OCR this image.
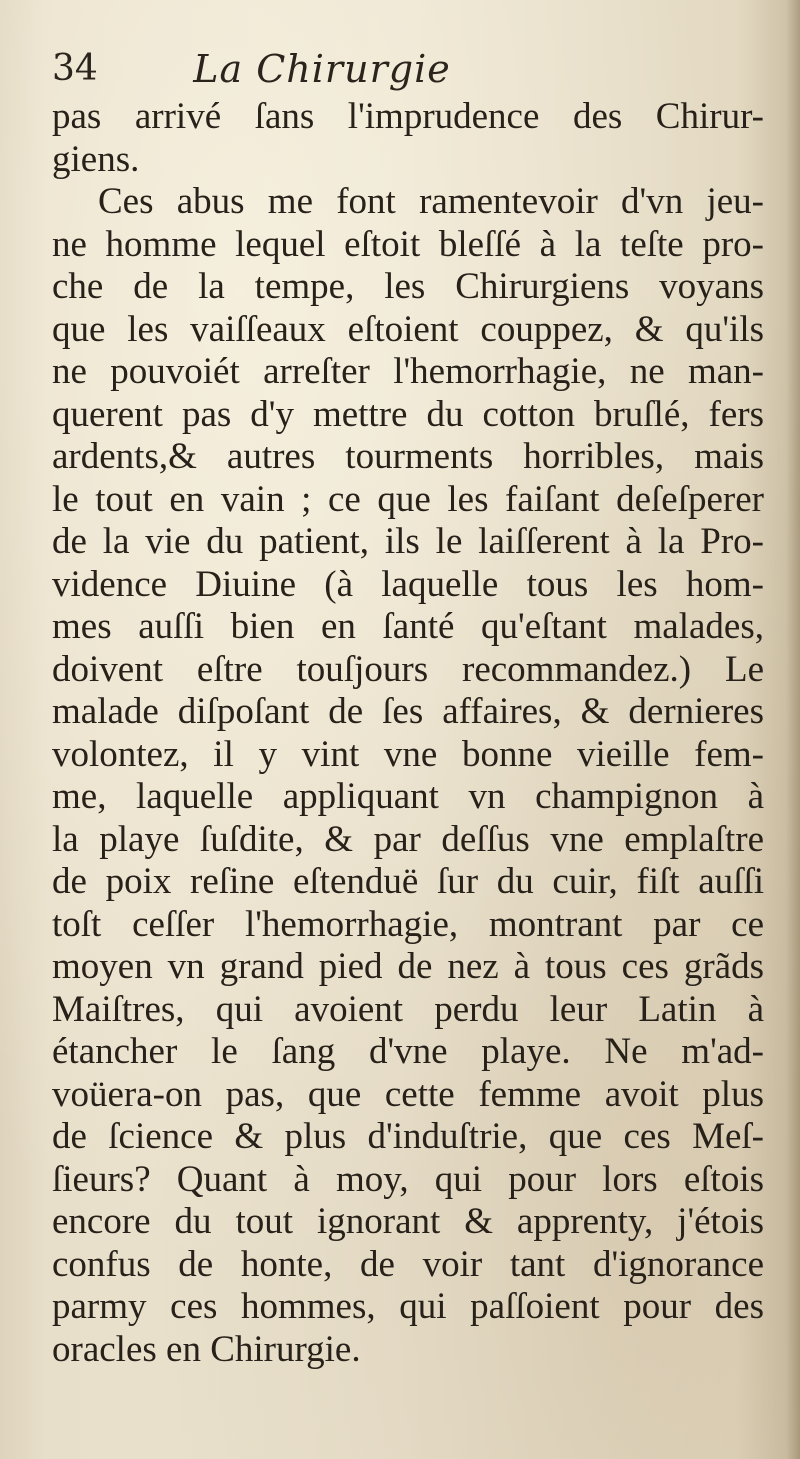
34	La Chirurgie
pas arrivé ſans l'imprudence des Chirur-
giens.
Ces abus me font ramentevoir d'vn jeu-
ne homme lequel eſtoit bleſſé à la teſte pro-
che de la tempe, les Chirurgiens voyans
que les vaiſſeaux eſtoient couppez, & qu'ils
ne pouvoiét arreſter l'hemorrhagie, ne man-
querent pas d'y mettre du cotton bruſlé, fers
ardents,& autres tourments horribles, mais
le tout en vain ; ce que les faiſant deſeſperer
de la vie du patient, ils le laiſſerent à la Pro-
vidence Diuine (à laquelle tous les hom-
mes auſſi bien en ſanté qu'eſtant malades,
doivent eſtre touſjours recommandez.) Le
malade diſpoſant de ſes affaires, & dernieres
volontez, il y vint vne bonne vieille fem-
me, laquelle appliquant vn champignon à
la playe ſuſdite, & par deſſus vne emplaſtre
de poix reſine eſtenduë ſur du cuir, fiſt auſſi
toſt ceſſer l'hemorrhagie, montrant par ce
moyen vn grand pied de nez à tous ces grãds
Maiſtres, qui avoient perdu leur Latin à
étancher le ſang d'vne playe. Ne m'ad-
voüera-on pas, que cette femme avoit plus
de ſcience & plus d'induſtrie, que ces Meſ-
ſieurs? Quant à moy, qui pour lors eſtois
encore du tout ignorant & apprenty, j'étois
confus de honte, de voir tant d'ignorance
parmy ces hommes, qui paſſoient pour des
oracles en Chirurgie.
